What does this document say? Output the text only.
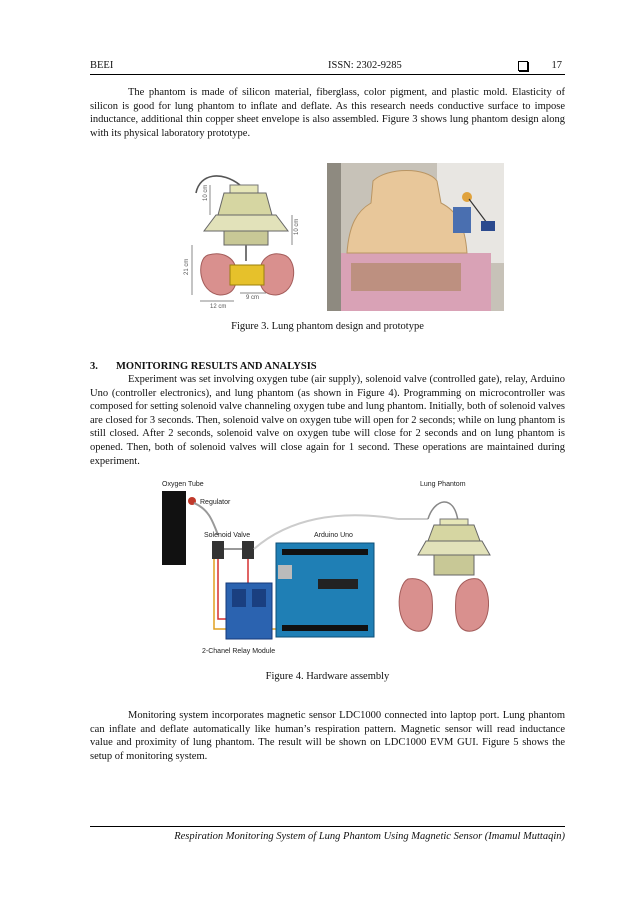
BEEI	ISSN: 2302-9285	17

The phantom is made of silicon material, fiberglass, color pigment, and plastic mold. Elasticity of silicon is good for lung phantom to inflate and deflate. As this research needs conductive surface to impose inductance, additional thin copper sheet envelope is also assembled. Figure 3 shows lung phantom design along with its physical laboratory prototype.

10 cm
10 cm
21 cm
12 cm
9 cm
Figure 3. Lung phantom design and prototype
3. MONITORING RESULTS AND ANALYSIS

Experiment was set involving oxygen tube (air supply), solenoid valve (controlled gate), relay, Arduino Uno (controller electronics), and lung phantom (as shown in Figure 4). Programming on microcontroller was composed for setting solenoid valve channeling oxygen tube and lung phantom. Initially, both of solenoid valves are closed for 3 seconds. Then, solenoid valve on oxygen tube will open for 2 seconds; while on lung phantom is still closed. After 2 seconds, solenoid valve on oxygen tube will close for 2 seconds and on lung phantom is opened. Then, both of solenoid valves will close again for 1 second. These operations are maintained during experiment.

Oxygen Tube
Regulator
Solenoid Valve
2-Chanel Relay Module
Arduino Uno
Lung Phantom
Figure 4. Hardware assembly

Monitoring system incorporates magnetic sensor LDC1000 connected into laptop port. Lung phantom can inflate and deflate automatically like human’s respiration pattern. Magnetic sensor will read inductance value and proximity of lung phantom. The result will be shown on LDC1000 EVM GUI. Figure 5 shows the setup of monitoring system.

Respiration Monitoring System of Lung Phantom Using Magnetic Sensor (Imamul Muttaqin)
